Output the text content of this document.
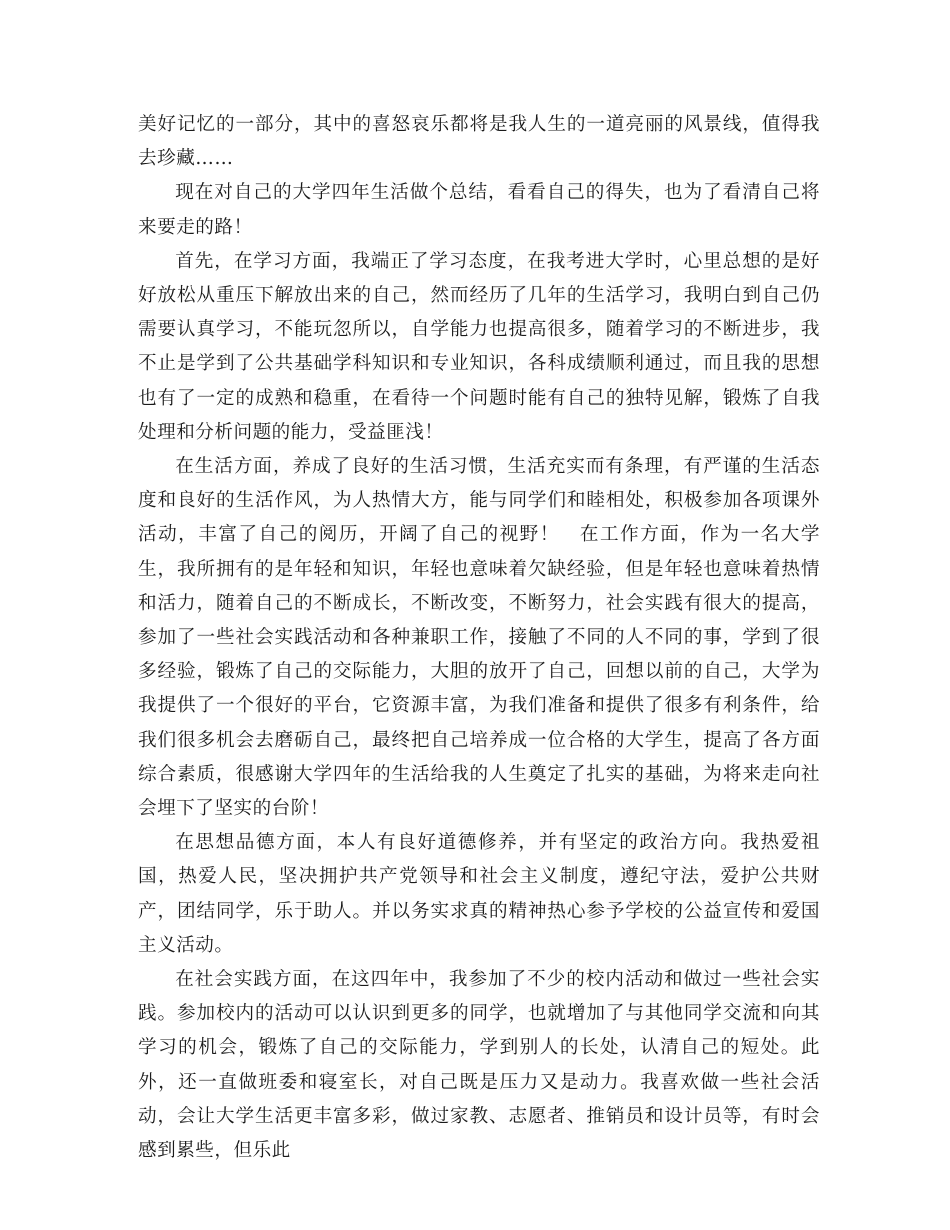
美好记忆的一部分，其中的喜怒哀乐都将是我人生的一道亮丽的风景线，值得我去珍藏……

现在对自己的大学四年生活做个总结，看看自己的得失，也为了看清自己将来要走的路！

首先，在学习方面，我端正了学习态度，在我考进大学时，心里总想的是好好放松从重压下解放出来的自己，然而经历了几年的生活学习，我明白到自己仍需要认真学习，不能玩忽所以，自学能力也提高很多，随着学习的不断进步，我不止是学到了公共基础学科知识和专业知识，各科成绩顺利通过，而且我的思想也有了一定的成熟和稳重，在看待一个问题时能有自己的独特见解，锻炼了自我处理和分析问题的能力，受益匪浅！

在生活方面，养成了良好的生活习惯，生活充实而有条理，有严谨的生活态度和良好的生活作风，为人热情大方，能与同学们和睦相处，积极参加各项课外活动，丰富了自己的阅历，开阔了自己的视野！　在工作方面，作为一名大学生，我所拥有的是年轻和知识，年轻也意味着欠缺经验，但是年轻也意味着热情和活力，随着自己的不断成长，不断改变，不断努力，社会实践有很大的提高，参加了一些社会实践活动和各种兼职工作，接触了不同的人不同的事，学到了很多经验，锻炼了自己的交际能力，大胆的放开了自己，回想以前的自己，大学为我提供了一个很好的平台，它资源丰富，为我们准备和提供了很多有利条件，给我们很多机会去磨砺自己，最终把自己培养成一位合格的大学生，提高了各方面综合素质，很感谢大学四年的生活给我的人生奠定了扎实的基础，为将来走向社会埋下了坚实的台阶！

在思想品德方面，本人有良好道德修养，并有坚定的政治方向。我热爱祖国，热爱人民，坚决拥护共产党领导和社会主义制度，遵纪守法，爱护公共财产，团结同学，乐于助人。并以务实求真的精神热心参予学校的公益宣传和爱国主义活动。

在社会实践方面，在这四年中，我参加了不少的校内活动和做过一些社会实践。参加校内的活动可以认识到更多的同学，也就增加了与其他同学交流和向其学习的机会，锻炼了自己的交际能力，学到别人的长处，认清自己的短处。此外，还一直做班委和寝室长，对自己既是压力又是动力。我喜欢做一些社会活动，会让大学生活更丰富多彩，做过家教、志愿者、推销员和设计员等，有时会感到累些，但乐此
